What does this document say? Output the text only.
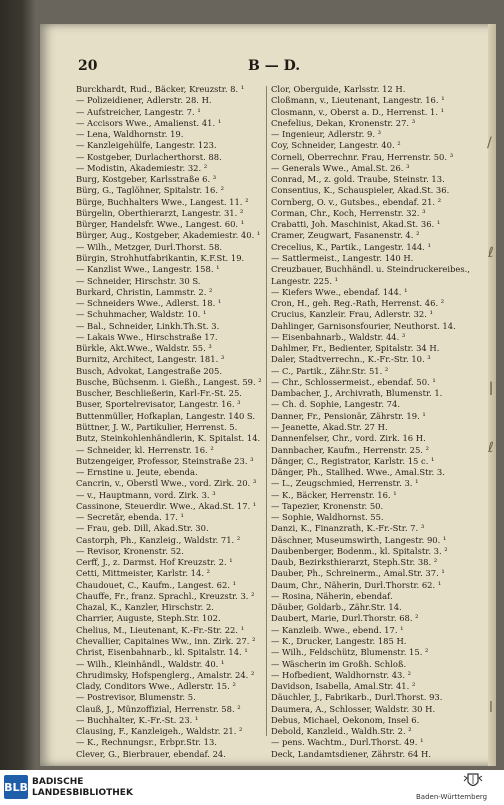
20	B — D.
Burckhardt, Rud., Bäcker, Kreuzstr. 8. ¹
— Polizeidiener, Adlerstr. 28. H.
— Aufstreicher, Langestr. 7. ¹
— Accisors Wwe., Amalienst. 41. ¹
— Lena, Waldhornstr. 19.
— Kanzleigehülfe, Langestr. 123.
— Kostgeber, Durlacherthorst. 88.
— Modistin, Akademiestr. 32. ²
Burg, Kostgeber, Karlsstraße 6. ³
Bürg, G., Taglöhner, Spitalstr. 16. ²
Bürge, Buchhalters Wwe., Langest. 11. ²
Bürgelin, Oberthierarzt, Langestr. 31. ²
Bürger, Handelsfr. Wwe., Langest. 60. ¹
Bürger, Aug., Kostgeber, Akademiestr. 40. ¹
— Wilh., Metzger, Durl.Thorst. 58.
Bürgin, Strohhutfabrikantin, K.F.St. 19.
— Kanzlist Wwe., Langestr. 158. ¹
— Schneider, Hirschstr. 30 S.
Burkard, Christin, Lammstr. 2. ²
— Schneiders Wwe., Adlerst. 18. ¹
— Schuhmacher, Waldstr. 10. ¹
— Bal., Schneider, Linkh.Th.St. 3.
— Lakais Wwe., Hirschstraße 17.
Bürkle, Akt.Wwe., Waldstr. 55. ³
Burnitz, Architect, Langestr. 181. ³
Busch, Advokat, Langestraße 205.
Busche, Büchsenm. i. Gießh., Langest. 59. ²
Buscher, Beschließerin, Karl-Fr.-St. 25.
Buser, Sportelrevisator, Langestr. 16. ³
Buttenmüller, Hofkaplan, Langestr. 140 S.
Büttner, J. W., Partikulier, Herrenst. 5.
Butz, Steinkohlenhändlerin, K. Spitalst. 14.
— Schneider, kl. Herrenstr. 16. ²
Butzengeiger, Professor, Steinstraße 23. ³
— Ernstine u. Jeute, ebenda.
Cancrin, v., Oberstl Wwe., vord. Zirk. 20. ³
— v., Hauptmann, vord. Zirk. 3. ³
Cassinone, Steuerdir. Wwe., Akad.St. 17. ¹
— Secretär, ebenda. 17. ¹
— Frau, geb. Dill, Akad.Str. 30.
Castorph, Ph., Kanzleig., Waldstr. 71. ²
— Revisor, Kronenstr. 52.
Cerff, J., z. Darmst. Hof Kreuzstr. 2. ¹
Cetti, Mittmeister, Karlstr. 14. ²
Chaudouet, C., Kaufm., Langest. 62. ¹
Chauffe, Fr., franz. Sprachl., Kreuzstr. 3. ²
Chazal, K., Kanzler, Hirschstr. 2.
Charrier, Auguste, Steph.Str. 102.
Chelius, M., Lieutenant, K.-Fr.-Str. 22. ¹
Chevallier, Capitaines Ww., inn. Zirk. 27. ²
Christ, Eisenbahnarb., kl. Spitalstr. 14. ¹
— Wilh., Kleinhändl., Waldstr. 40. ¹
Chrudimsky, Hofspenglerg., Amalstr. 24. ²
Clady, Conditors Wwe., Adlerstr. 15. ²
— Postrevisor, Blumenstr. 5.
Clauß, J., Münzoffizial, Herrenstr. 58. ²
— Buchhalter, K.-Fr.-St. 23. ¹
Clausing, F., Kanzleigeh., Waldstr. 21. ²
— K., Rechnungsr., Erbpr.Str. 13.
Clever, G., Bierbrauer, ebendaf. 24.
Clor, Oberguide, Karlsstr. 12 H.
Cloßmann, v., Lieutenant, Langestr. 16. ¹
Closmann, v., Oberst a. D., Herrenst. 1. ¹
Cnefelius, Dekan, Kronenstr. 27. ³
— Ingenieur, Adlerstr. 9. ³
Coy, Schneider, Langestr. 40. ²
Corneli, Oberrechnr. Frau, Herrenstr. 50. ³
— Generals Wwe., Amal.St. 26. ³
Conrad, M., z. gold. Traube, Steinstr. 13.
Consentius, K., Schauspieler, Akad.St. 36.
Cornberg, O. v., Gutsbes., ebendaf. 21. ²
Corman, Chr., Koch, Herrenstr. 32. ³
Crabatti, Joh. Maschinist, Akad.St. 36. ¹
Cramer, Zeugwart, Fasanenstr. 4. ²
Crecelius, K., Partik., Langestr. 144. ¹
— Sattlermeist., Langestr. 140 H.
Creuzbauer, Buchhändl. u. Steindruckereibes.,
Langestr. 225. ¹
— Kiefers Wwe., ebendaf. 144. ¹
Cron, H., geh. Reg.-Rath, Herrenst. 46. ²
Crucius, Kanzleir. Frau, Adlerstr. 32. ¹
Dahlinger, Garnisonsfourier, Neuthorst. 14.
— Eisenbahnarb., Waldstr. 44. ³
Dahlmer, Fr., Bedienter, Spitalstr. 34 H.
Daler, Stadtverrechn., K.-Fr.-Str. 10. ³
— C., Partik., Zähr.Str. 51. ²
— Chr., Schlossermeist., ebendaf. 50. ¹
Dambacher, J., Archivrath, Blumenstr. 1.
— Ch. d. Sophie, Langestr. 74.
Danner, Fr., Pensionär, Zährstr. 19. ¹
— Jeanette, Akad.Str. 27 H.
Dannenfelser, Chr., vord. Zirk. 16 H.
Dannbacher, Kaufm., Herrenstr. 25. ²
Dänger, C., Registrator, Karlstr. 15 c. ¹
Dänger, Ph., Stallhed. Wwe., Amal.Str. 3.
— L., Zeugschmied, Herrenstr. 3. ¹
— K., Bäcker, Herrenstr. 16. ¹
— Tapezier, Kronenstr. 50.
— Sophie, Waldhornst. 55.
Danzi, K., Finanzrath, K.-Fr.-Str. 7. ³
Däschner, Museumswirth, Langestr. 90. ¹
Daubenberger, Bodenm., kl. Spitalstr. 3. ²
Daub, Bezirksthierarzt, Steph.Str. 38. ²
Dauber, Ph., Schreinerm., Amal.Str. 37. ¹
Daum, Chr., Näherin, Durl.Thorstr. 62. ¹
— Rosina, Näherin, ebendaf.
Däuber, Goldarb., Zähr.Str. 14.
Daubert, Marie, Durl.Thorstr. 68. ²
— Kanzleib. Wwe., ebend. 17. ¹
— K., Drucker, Langestr. 185 H.
— Wilh., Feldschütz, Blumenstr. 15. ²
— Wäscherin im Großh. Schloß.
— Hofbedient, Waldhornstr. 43. ²
Davidson, Isabella, Amal.Str. 41. ²
Däuchler, J., Fabrikarb., Durl.Thorst. 93.
Daumera, A., Schlosser, Waldstr. 30 H.
Debus, Michael, Oekonom, Insel 6.
Debold, Kanzleid., Waldh.Str. 2. ²
— pens. Wachtm., Durl.Thorst. 49. ¹
Deck, Landamtsdiener, Zährstr. 64 H.
/
ℓ
ǀ
ℓ
l
BLB BADISCHE
LANDESBIBLIOTHEK	Baden-Württemberg
